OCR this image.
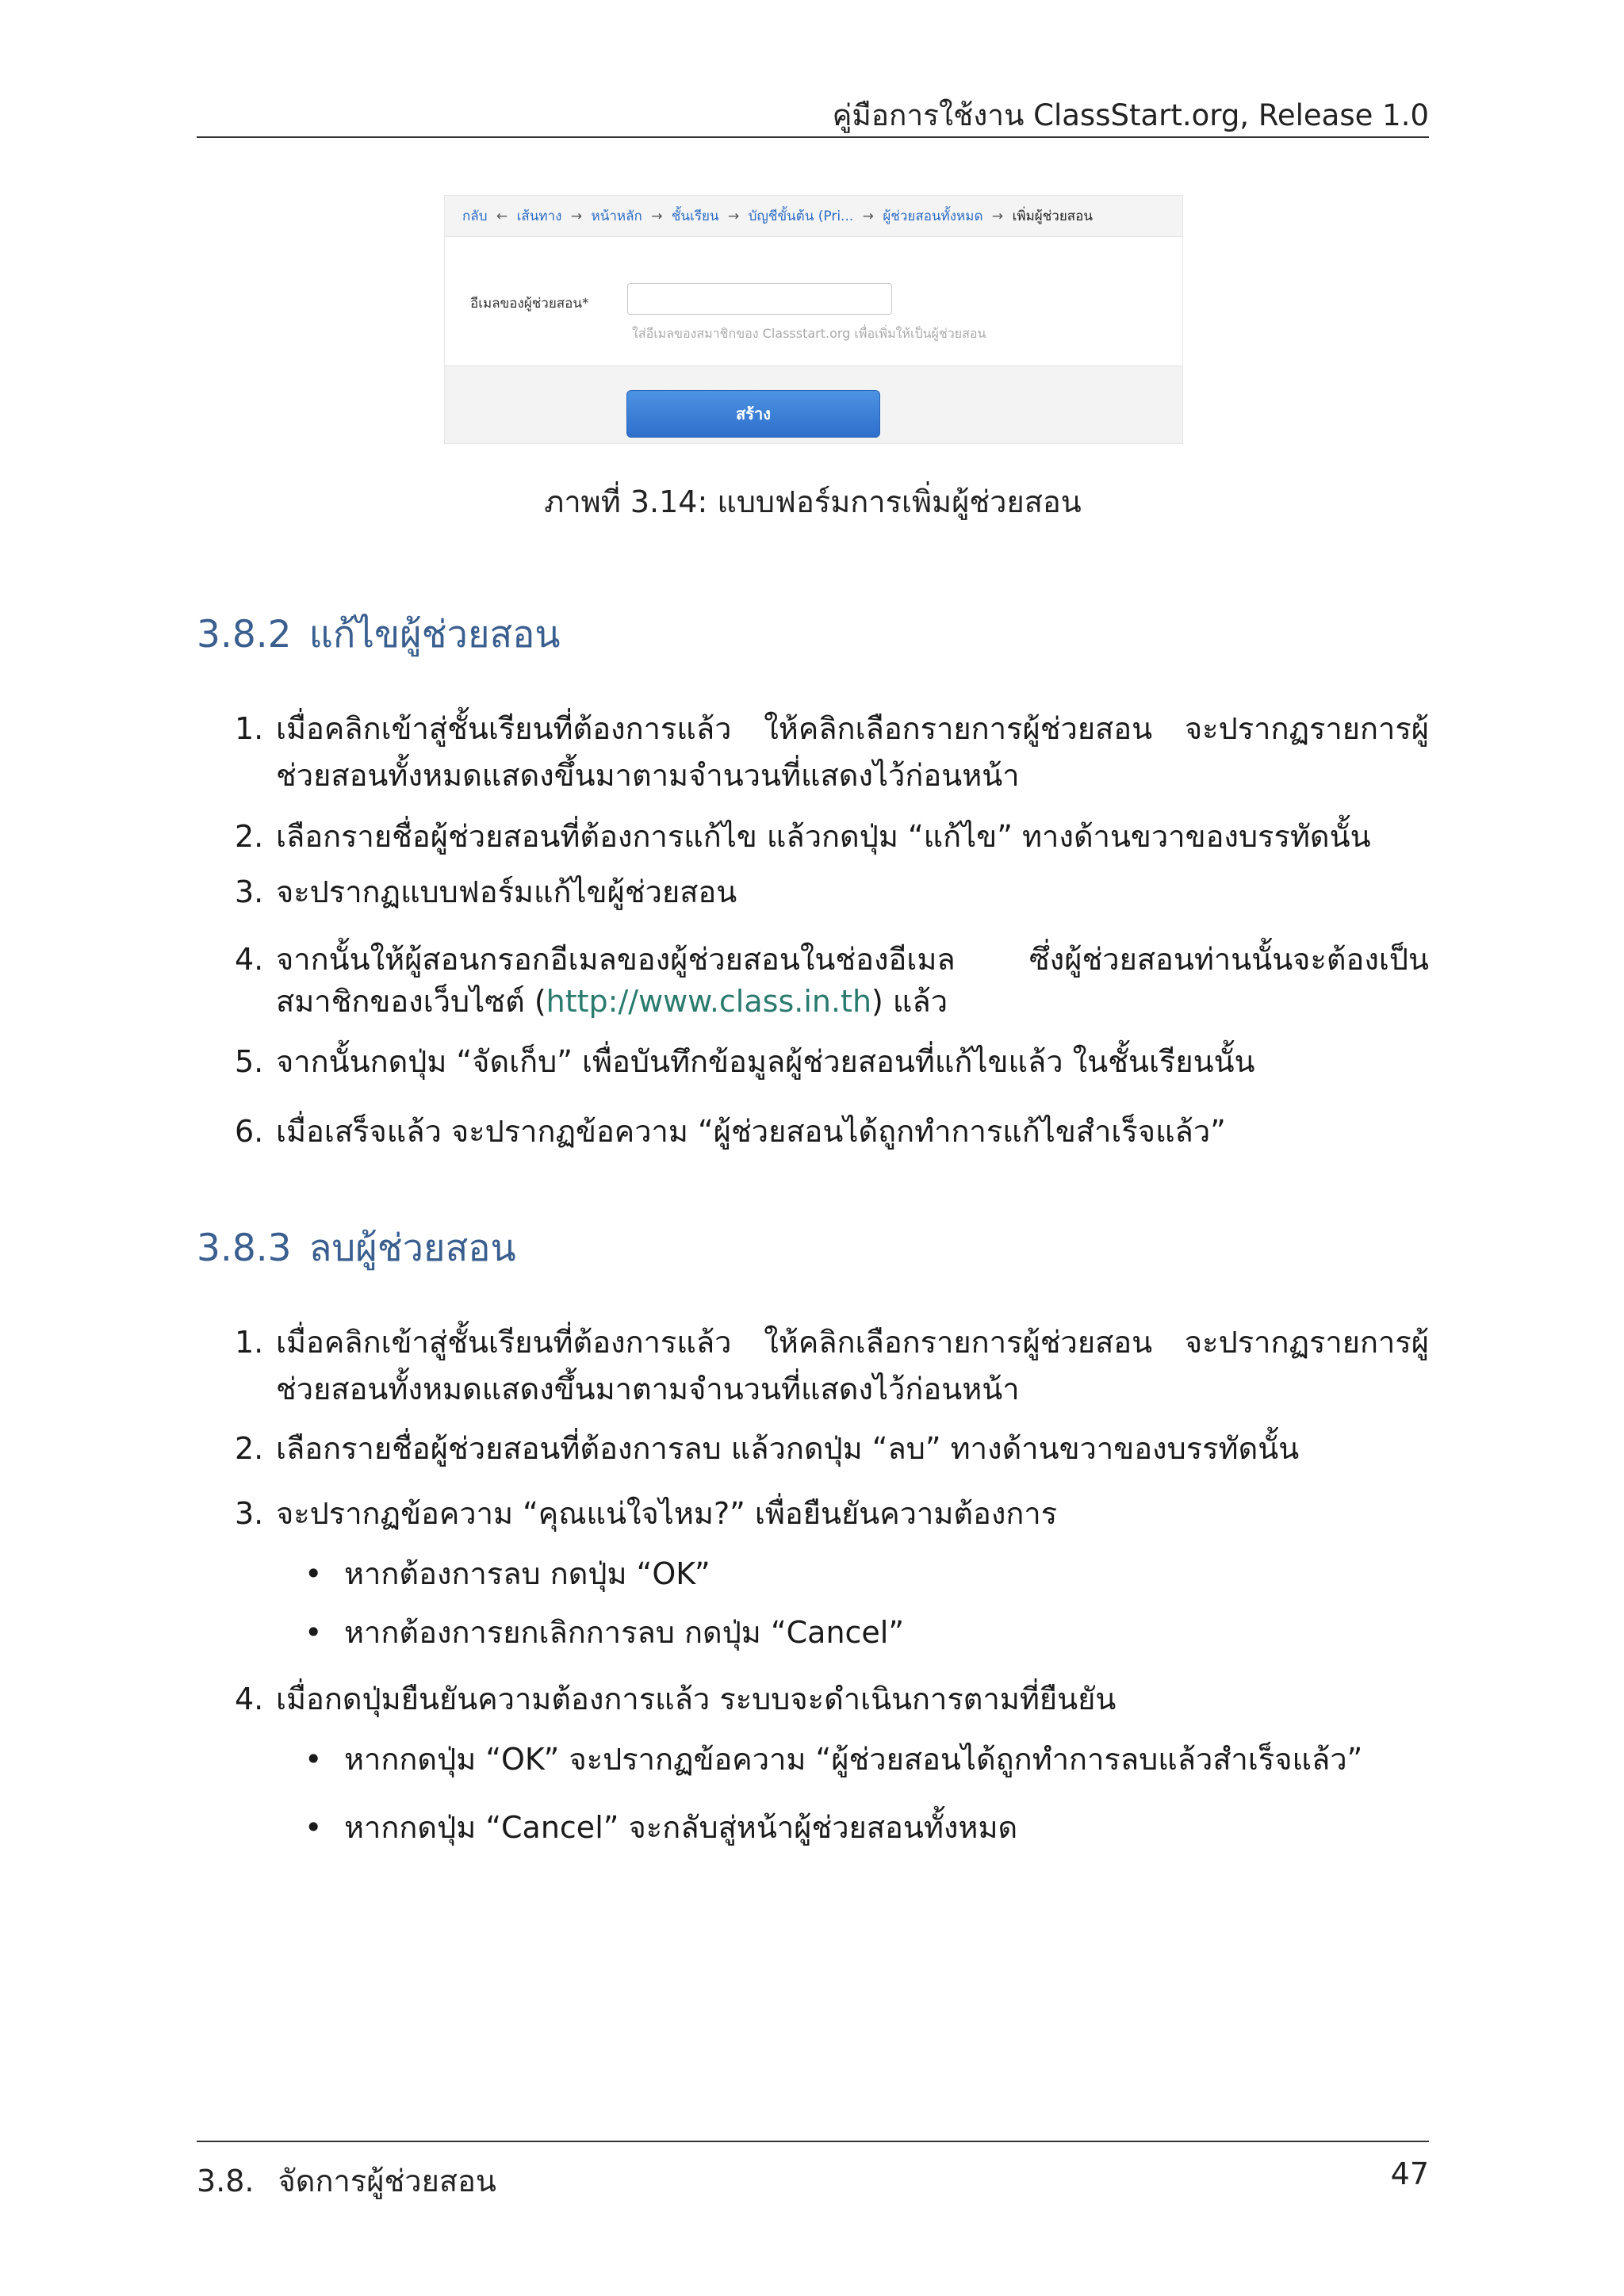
คู่มือการใช้งาน ClassStart.org, Release 1.0
กลับ ← เส้นทาง → หน้าหลัก → ชั้นเรียน → บัญชีขั้นต้น (Pri... → ผู้ช่วยสอนทั้งหมด → เพิ่มผู้ช่วยสอน
อีเมลของผู้ช่วยสอน*
ใส่อีเมลของสมาชิกของ Classstart.org เพื่อเพิ่มให้เป็นผู้ช่วยสอน
สร้าง
ภาพที่ 3.14: แบบฟอร์มการเพิ่มผู้ช่วยสอน
3.8.2 แก้ไขผู้ช่วยสอน
1. เมื่อคลิกเข้าสู่ชั้นเรียนที่ต้องการแล้ว ให้คลิกเลือกรายการผู้ช่วยสอน จะปรากฏรายการผู้ช่วยสอนทั้งหมดแสดงขึ้นมาตามจำนวนที่แสดงไว้ก่อนหน้า
2. เลือกรายชื่อผู้ช่วยสอนที่ต้องการแก้ไข แล้วกดปุ่ม “แก้ไข” ทางด้านขวาของบรรทัดนั้น
3. จะปรากฏแบบฟอร์มแก้ไขผู้ช่วยสอน
4. จากนั้นให้ผู้สอนกรอกอีเมลของผู้ช่วยสอนในช่องอีเมล ซึ่งผู้ช่วยสอนท่านนั้นจะต้องเป็นสมาชิกของเว็บไซต์ (http://www.class.in.th) แล้ว
5. จากนั้นกดปุ่ม “จัดเก็บ” เพื่อบันทึกข้อมูลผู้ช่วยสอนที่แก้ไขแล้ว ในชั้นเรียนนั้น
6. เมื่อเสร็จแล้ว จะปรากฏข้อความ “ผู้ช่วยสอนได้ถูกทำการแก้ไขสำเร็จแล้ว”
3.8.3 ลบผู้ช่วยสอน
1. เมื่อคลิกเข้าสู่ชั้นเรียนที่ต้องการแล้ว ให้คลิกเลือกรายการผู้ช่วยสอน จะปรากฏรายการผู้ช่วยสอนทั้งหมดแสดงขึ้นมาตามจำนวนที่แสดงไว้ก่อนหน้า
2. เลือกรายชื่อผู้ช่วยสอนที่ต้องการลบ แล้วกดปุ่ม “ลบ” ทางด้านขวาของบรรทัดนั้น
3. จะปรากฏข้อความ “คุณแน่ใจไหม?” เพื่อยืนยันความต้องการ
• หากต้องการลบ กดปุ่ม “OK”
• หากต้องการยกเลิกการลบ กดปุ่ม “Cancel”
4. เมื่อกดปุ่มยืนยันความต้องการแล้ว ระบบจะดำเนินการตามที่ยืนยัน
• หากกดปุ่ม “OK” จะปรากฏข้อความ “ผู้ช่วยสอนได้ถูกทำการลบแล้วสำเร็จแล้ว”
• หากกดปุ่ม “Cancel” จะกลับสู่หน้าผู้ช่วยสอนทั้งหมด
3.8. จัดการผู้ช่วยสอน	47
